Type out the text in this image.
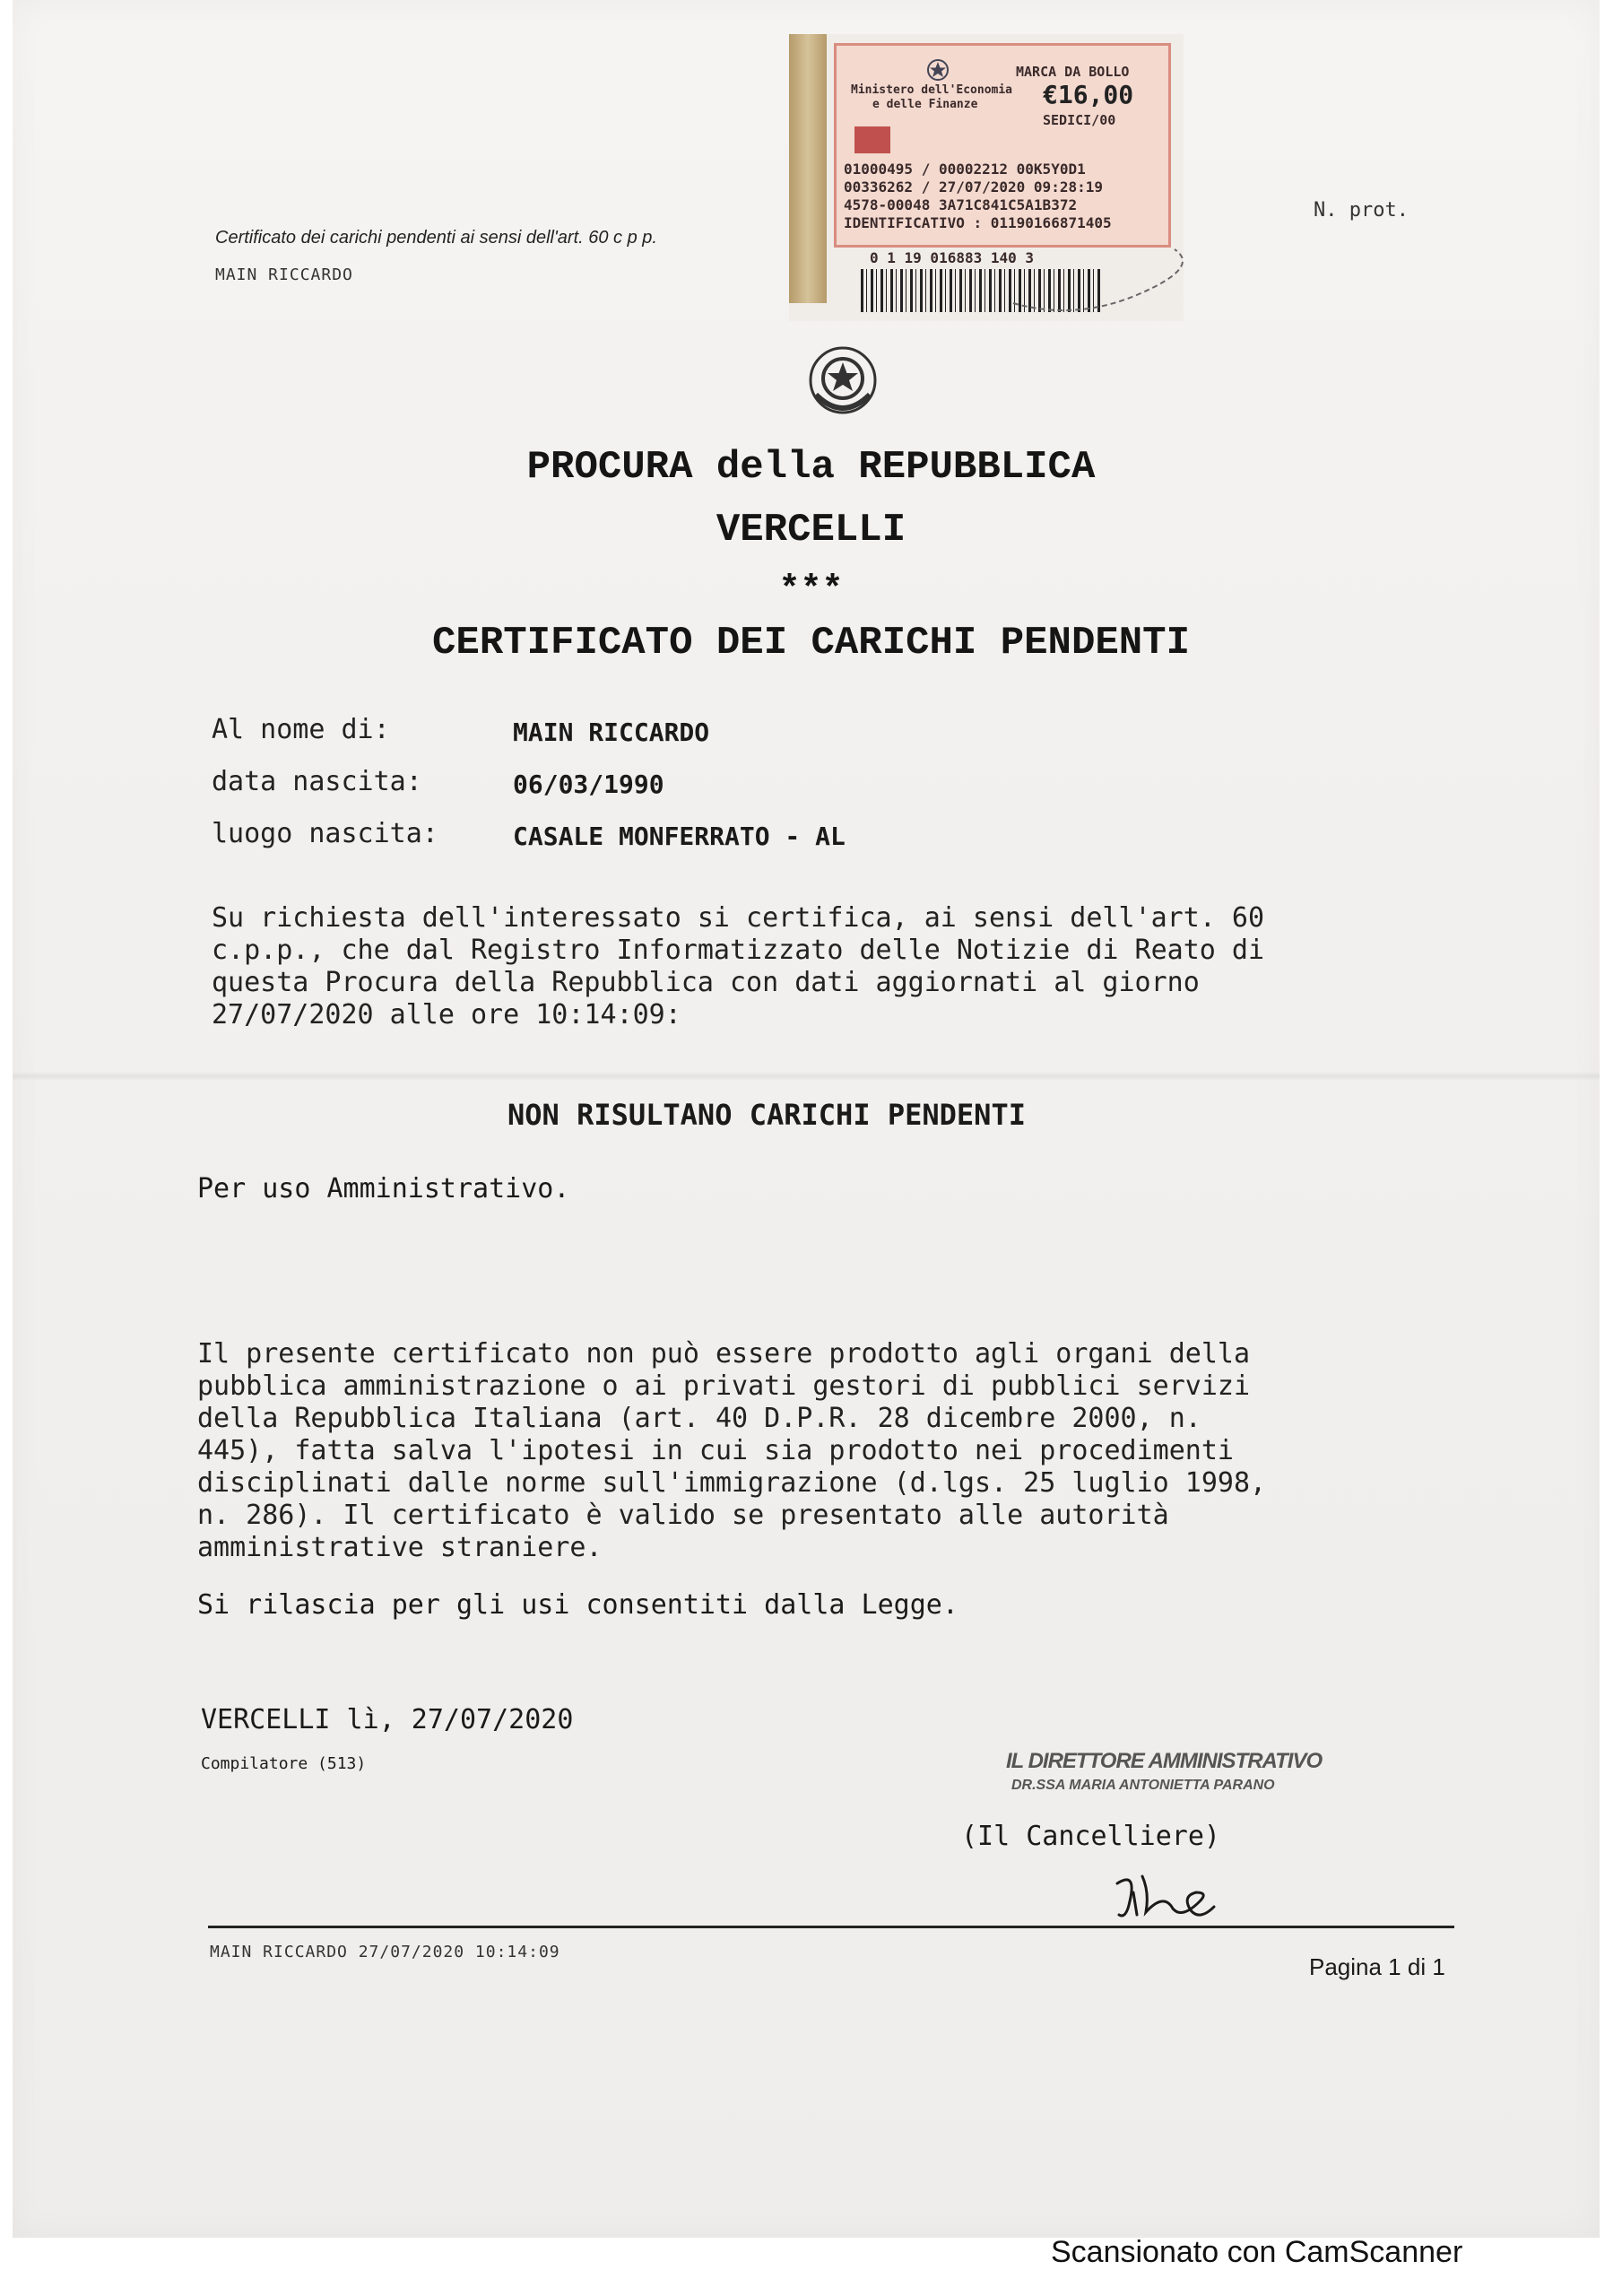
Certificato dei carichi pendenti ai sensi dell'art. 60 c p p.
MAIN RICCARDO
N. prot.
Ministero dell'Economia
e delle Finanze
MARCA DA BOLLO
€16,00
SEDICI/00
01000495 / 00002212 00K5Y0D1
00336262 / 27/07/2020 09:28:19
4578-00048 3A71C841C5A1B372
IDENTIFICATIVO : 01190166871405
0 1 19 016883 140 3
PROCURA della REPUBBLICA
VERCELLI
***
CERTIFICATO DEI CARICHI PENDENTI
Al nome di:	MAIN RICCARDO
data nascita:	06/03/1990
luogo nascita:	CASALE MONFERRATO - AL
Su richiesta dell'interessato si certifica, ai sensi dell'art. 60
c.p.p., che dal Registro Informatizzato delle Notizie di Reato di
questa Procura della Repubblica con dati aggiornati al giorno
27/07/2020 alle ore 10:14:09:
NON RISULTANO CARICHI PENDENTI
Per uso Amministrativo.
Il presente certificato non può essere prodotto agli organi della
pubblica amministrazione o ai privati gestori di pubblici servizi
della Repubblica Italiana (art. 40 D.P.R. 28 dicembre 2000, n.
445), fatta salva l'ipotesi in cui sia prodotto nei procedimenti
disciplinati dalle norme sull'immigrazione (d.lgs. 25 luglio 1998,
n. 286). Il certificato è valido se presentato alle autorità
amministrative straniere.
Si rilascia per gli usi consentiti dalla Legge.
VERCELLI lì, 27/07/2020
Compilatore (513)	IL DIRETTORE AMMINISTRATIVO
DR.SSA MARIA ANTONIETTA PARANO
(Il Cancelliere)
MAIN RICCARDO 27/07/2020 10:14:09
Pagina 1 di 1
Scansionato con CamScanner
